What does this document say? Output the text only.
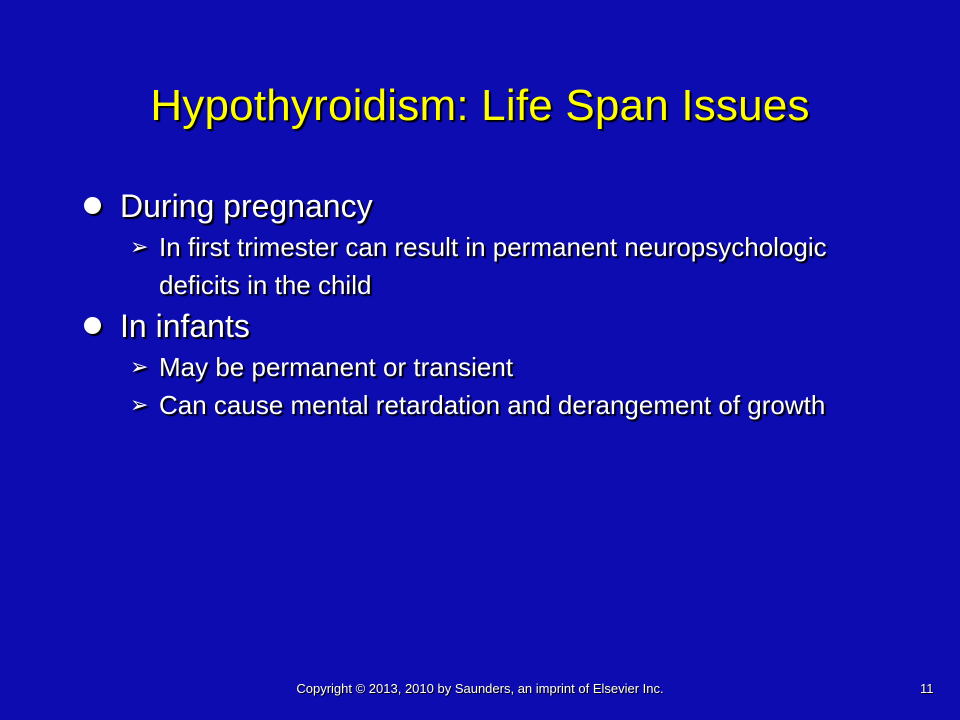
Hypothyroidism: Life Span Issues
During pregnancy
➢ In first trimester can result in permanent neuropsychologic deficits in the child
In infants
➢ May be permanent or transient
➢ Can cause mental retardation and derangement of growth
Copyright © 2013, 2010 by Saunders, an imprint of Elsevier Inc.	11
